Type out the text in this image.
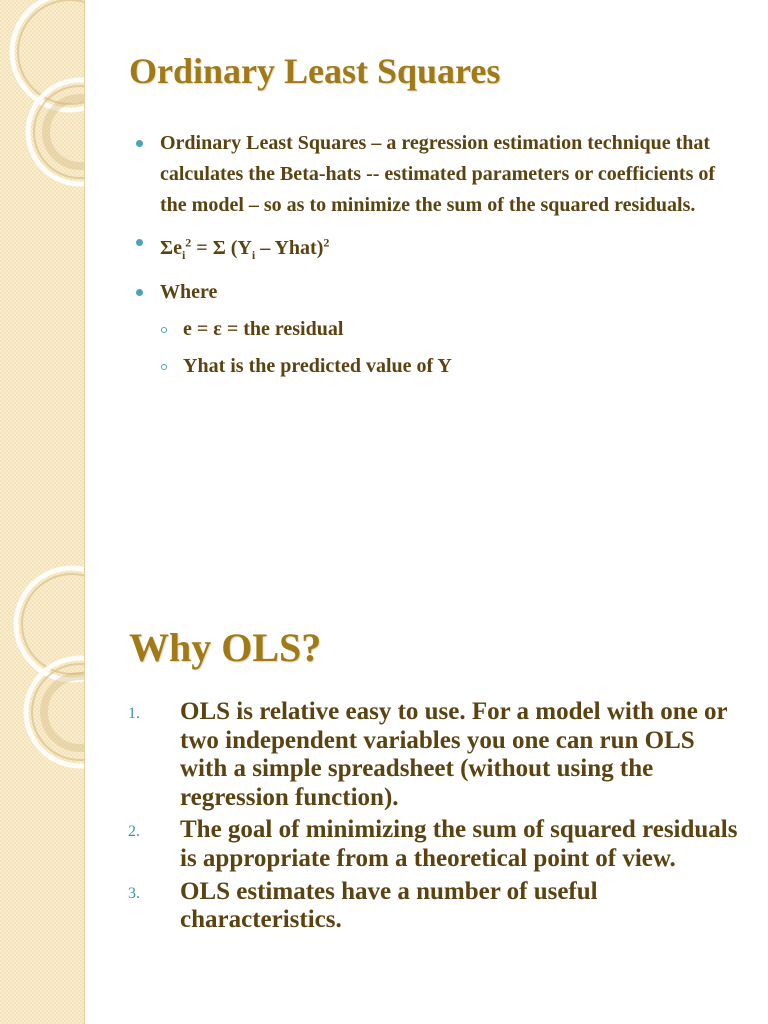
Ordinary Least Squares
Ordinary Least Squares – a regression estimation technique that calculates the Beta-hats -- estimated parameters or coefficients of the model – so as to minimize the sum of the squared residuals.
$\Sigma e_i^2 = \Sigma$ ($Y_i$ – Yhat)$^2$
Where
e = ε = the residual
Yhat is the predicted value of Y
Why OLS?
1. OLS is relative easy to use. For a model with one or two independent variables you one can run OLS with a simple spreadsheet (without using the regression function).
2. The goal of minimizing the sum of squared residuals is appropriate from a theoretical point of view.
3. OLS estimates have a number of useful characteristics.
